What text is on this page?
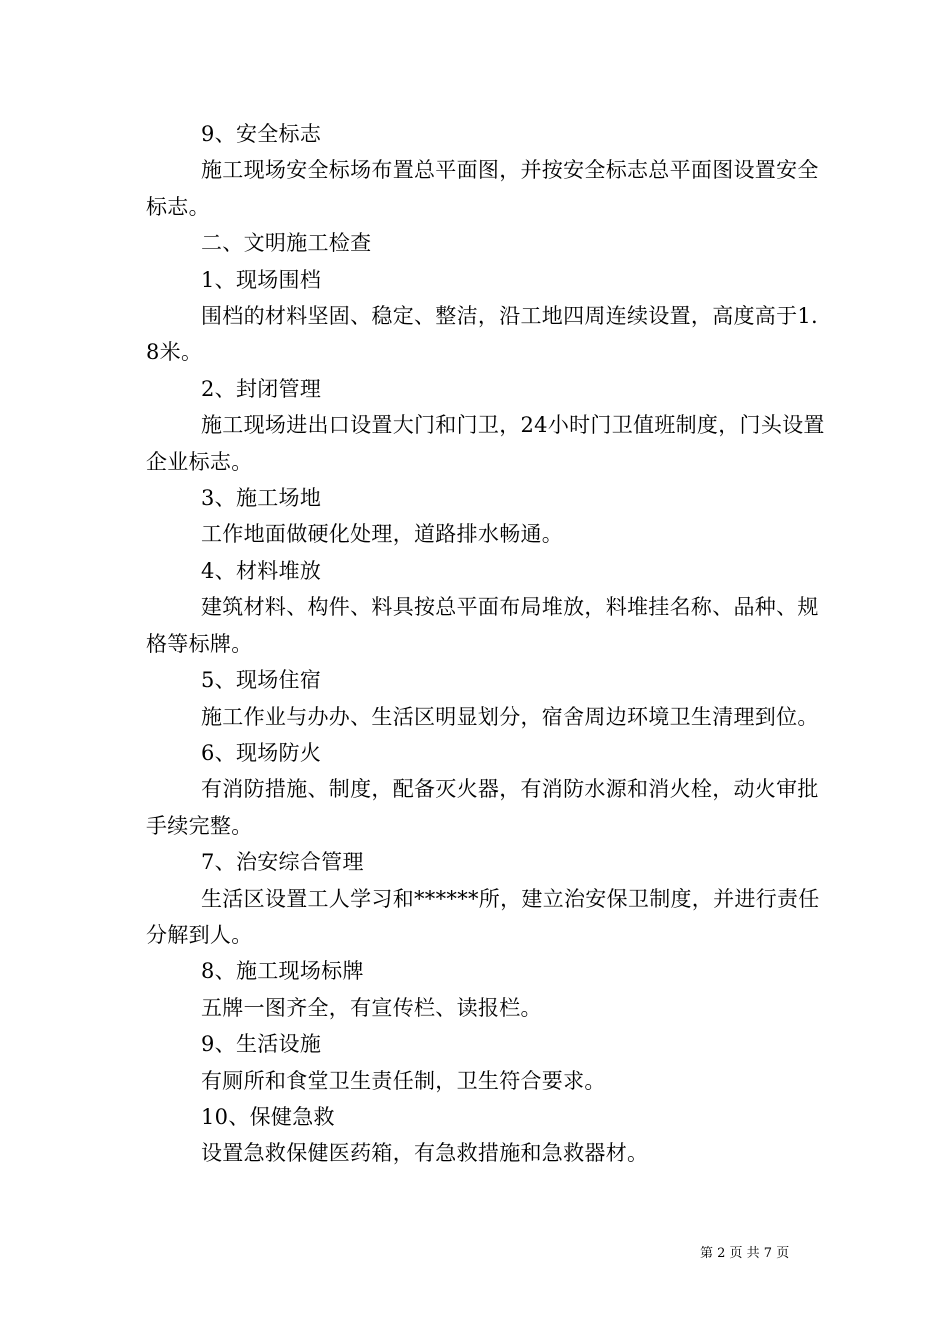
9、安全标志

施工现场安全标场布置总平面图，并按安全标志总平面图设置安全标志。

二、文明施工检查

1、现场围档

围档的材料坚固、稳定、整洁，沿工地四周连续设置，高度高于1.8米。

2、封闭管理

施工现场进出口设置大门和门卫，24小时门卫值班制度，门头设置企业标志。

3、施工场地

工作地面做硬化处理，道路排水畅通。

4、材料堆放

建筑材料、构件、料具按总平面布局堆放，料堆挂名称、品种、规格等标牌。

5、现场住宿

施工作业与办办、生活区明显划分，宿舍周边环境卫生清理到位。

6、现场防火

有消防措施、制度，配备灭火器，有消防水源和消火栓，动火审批手续完整。

7、治安综合管理

生活区设置工人学习和******所，建立治安保卫制度，并进行责任分解到人。

8、施工现场标牌

五牌一图齐全，有宣传栏、读报栏。

9、生活设施

有厕所和食堂卫生责任制，卫生符合要求。

10、保健急救

设置急救保健医药箱，有急救措施和急救器材。

第 2 页 共 7 页
